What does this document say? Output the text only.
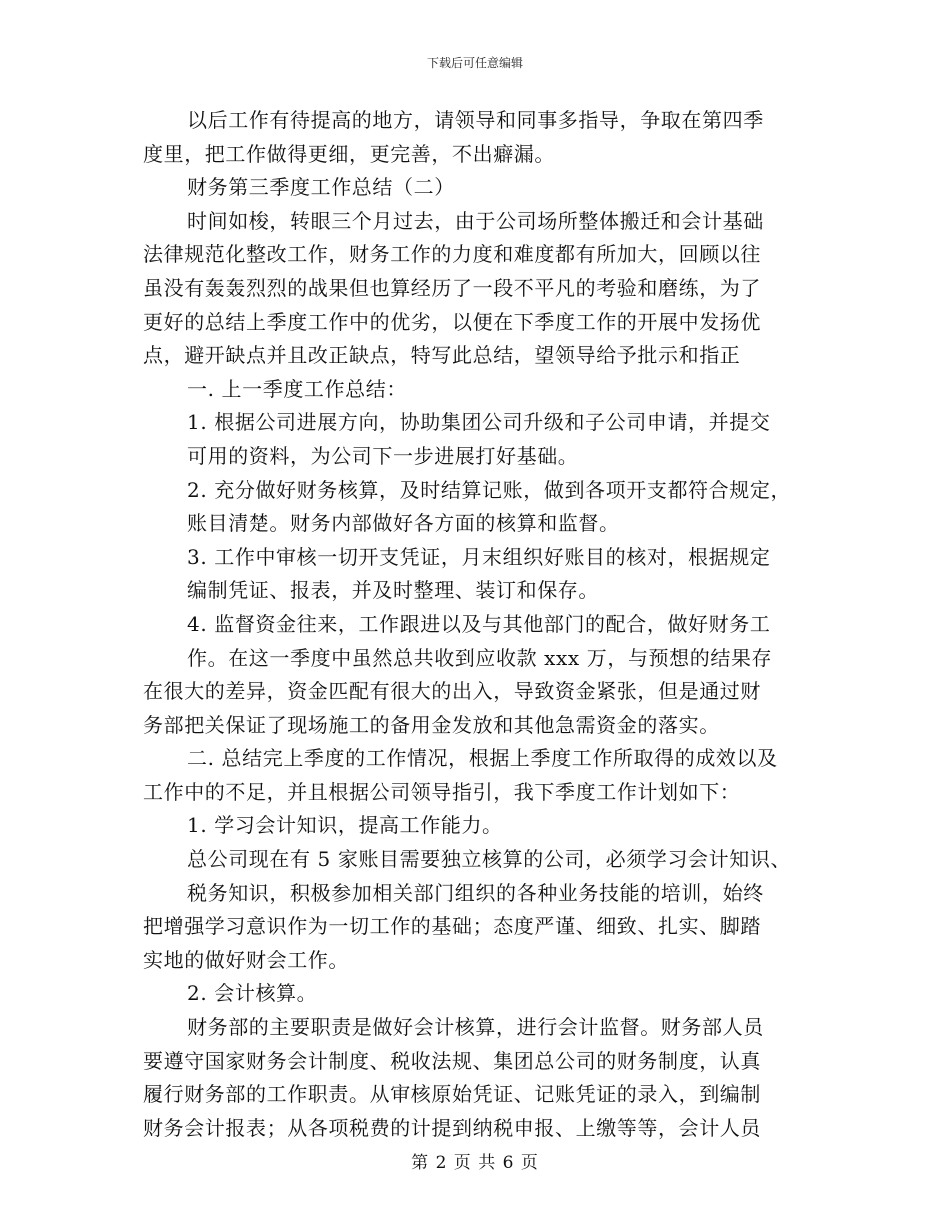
下载后可任意编辑
以后工作有待提高的地方，请领导和同事多指导，争取在第四季
度里，把工作做得更细，更完善，不出癖漏。
财务第三季度工作总结（二）
时间如梭，转眼三个月过去，由于公司场所整体搬迁和会计基础
法律规范化整改工作，财务工作的力度和难度都有所加大，回顾以往
虽没有轰轰烈烈的战果但也算经历了一段不平凡的考验和磨练，为了
更好的总结上季度工作中的优劣，以便在下季度工作的开展中发扬优
点，避开缺点并且改正缺点，特写此总结，望领导给予批示和指正
一. 上一季度工作总结：
1. 根据公司进展方向，协助集团公司升级和子公司申请，并提交
可用的资料，为公司下一步进展打好基础。
2. 充分做好财务核算，及时结算记账，做到各项开支都符合规定，
账目清楚。财务内部做好各方面的核算和监督。
3. 工作中审核一切开支凭证，月末组织好账目的核对，根据规定
编制凭证、报表，并及时整理、装订和保存。
4. 监督资金往来，工作跟进以及与其他部门的配合，做好财务工
作。在这一季度中虽然总共收到应收款 xxx 万，与预想的结果存
在很大的差异，资金匹配有很大的出入，导致资金紧张，但是通过财
务部把关保证了现场施工的备用金发放和其他急需资金的落实。
二. 总结完上季度的工作情况，根据上季度工作所取得的成效以及
工作中的不足，并且根据公司领导指引，我下季度工作计划如下：
1. 学习会计知识，提高工作能力。
总公司现在有 5 家账目需要独立核算的公司，必须学习会计知识、
税务知识，积极参加相关部门组织的各种业务技能的培训，始终
把增强学习意识作为一切工作的基础；态度严谨、细致、扎实、脚踏
实地的做好财会工作。
2. 会计核算。
财务部的主要职责是做好会计核算，进行会计监督。财务部人员
要遵守国家财务会计制度、税收法规、集团总公司的财务制度，认真
履行财务部的工作职责。从审核原始凭证、记账凭证的录入，到编制
财务会计报表；从各项税费的计提到纳税申报、上缴等等，会计人员
第 2 页 共 6 页
